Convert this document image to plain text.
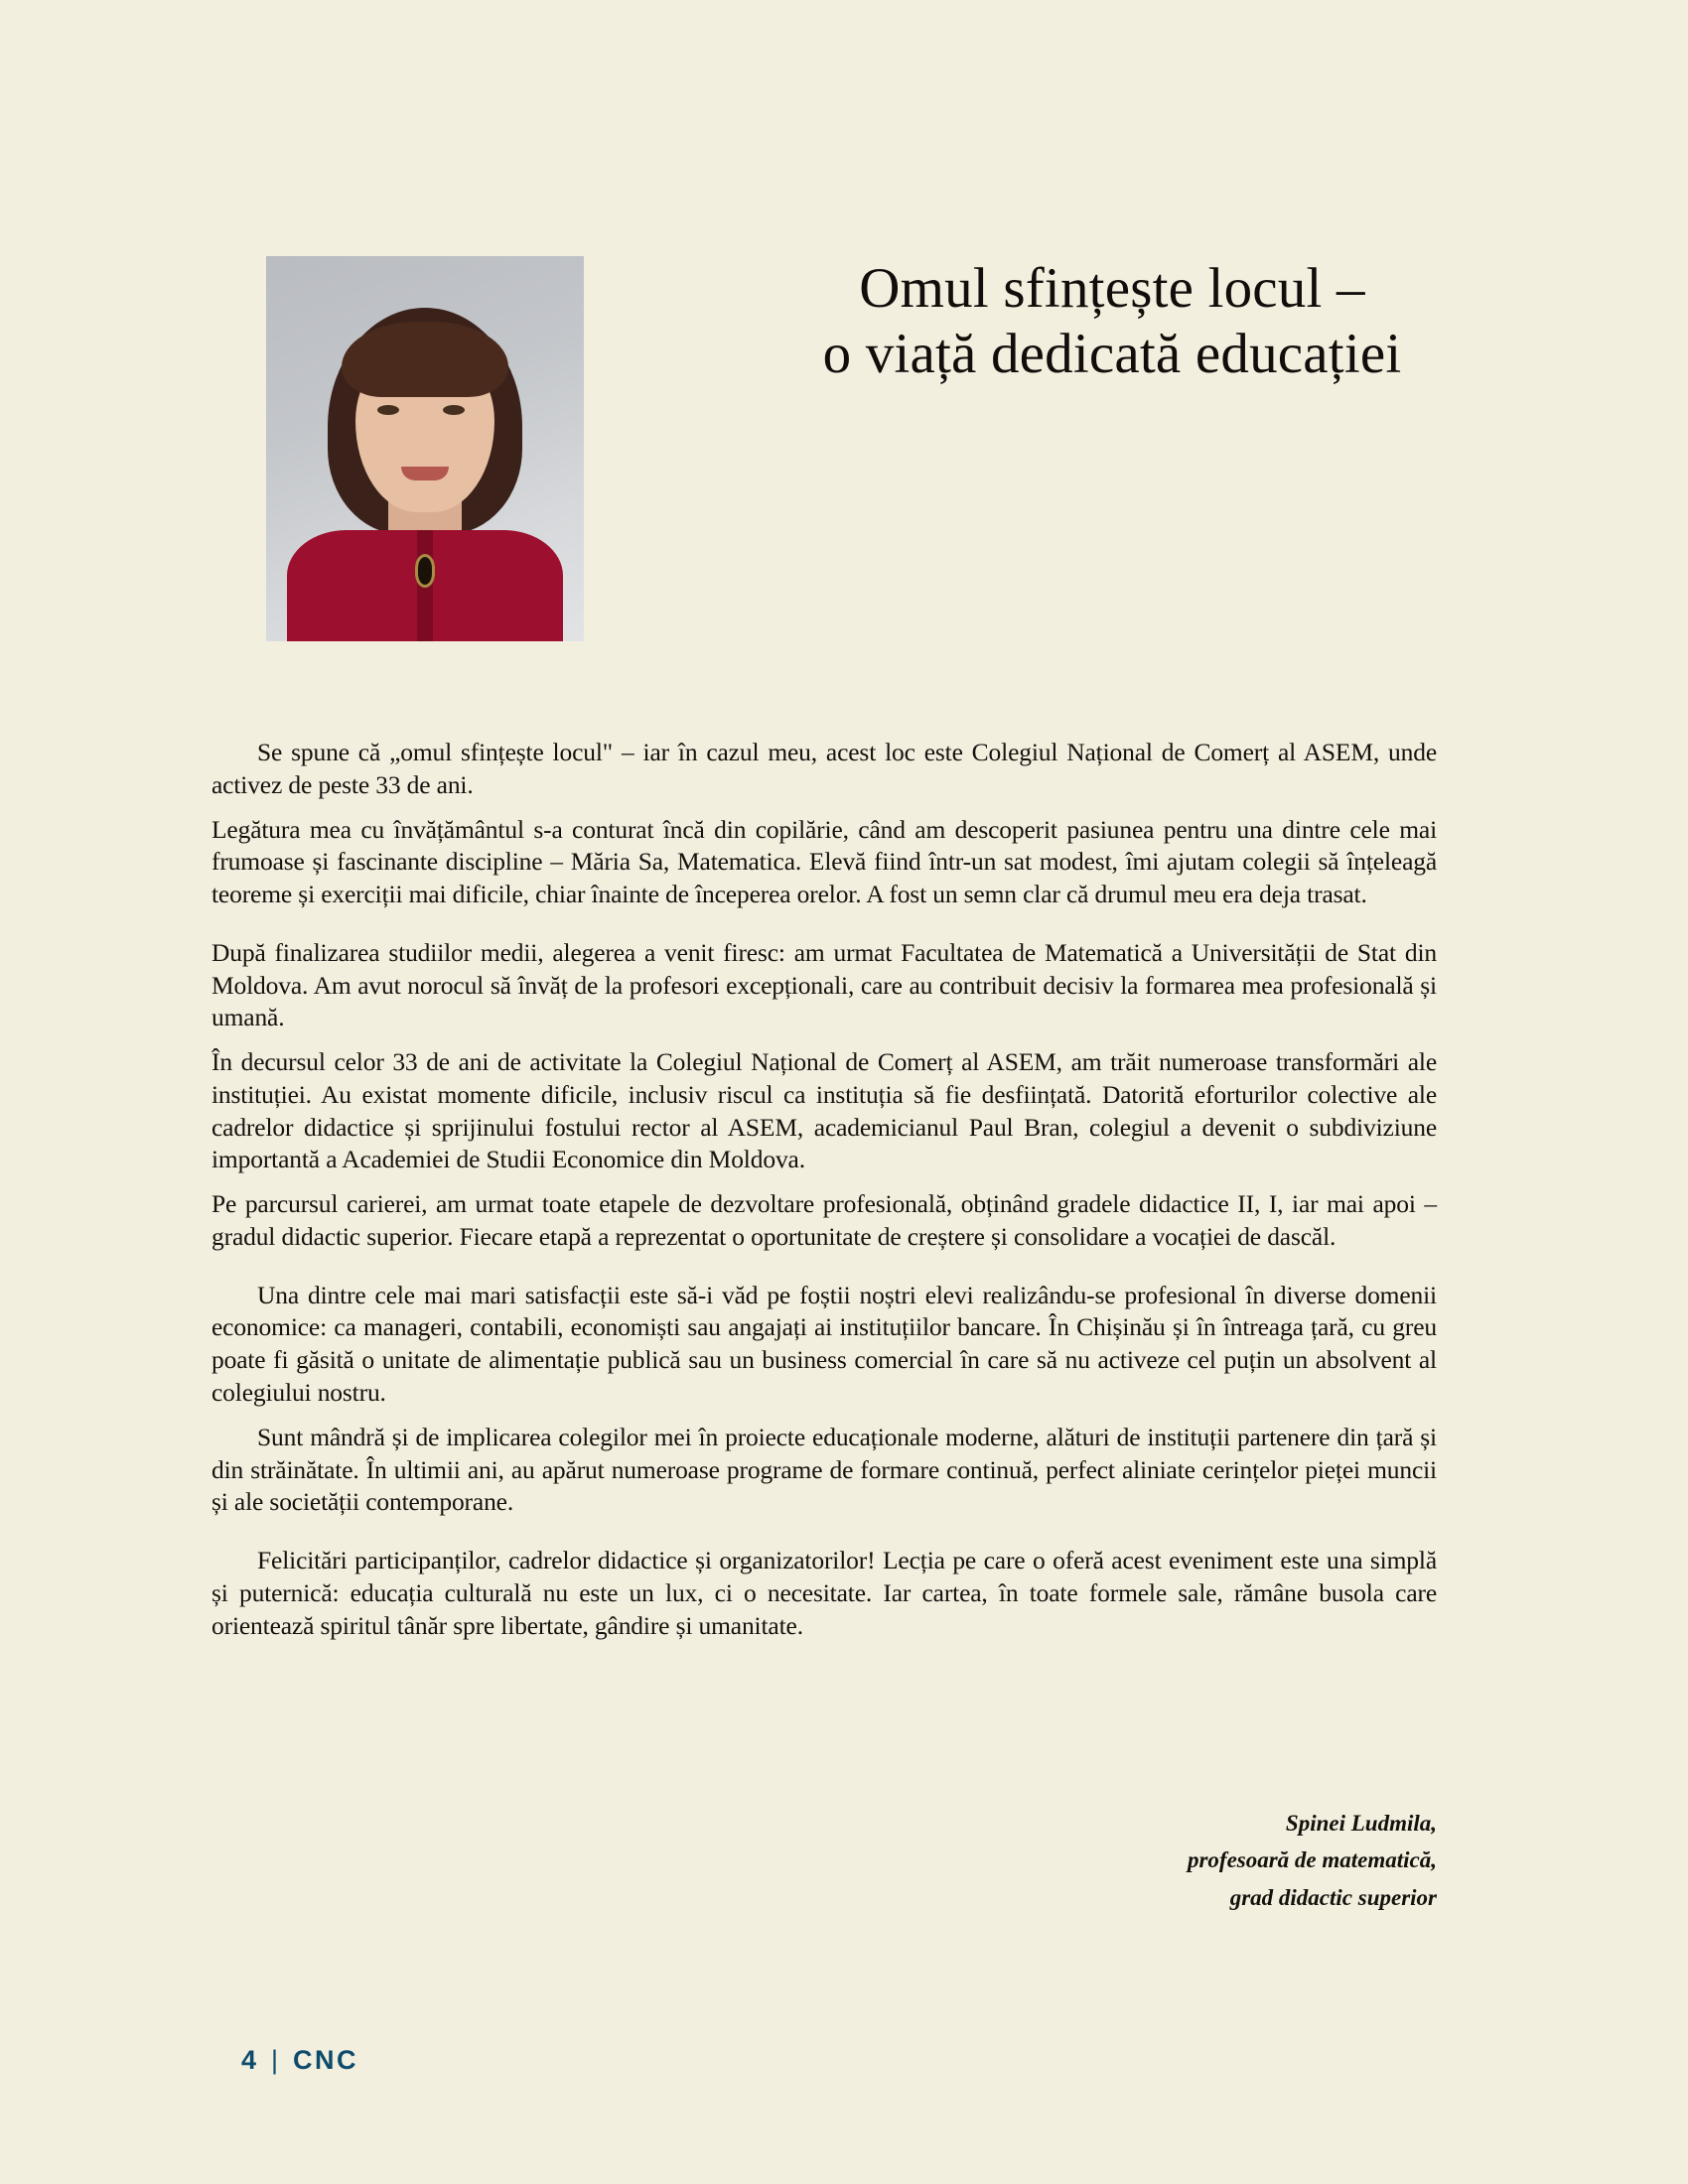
Omul sfințește locul –
o viață dedicată educației

Se spune că „omul sfințește locul" – iar în cazul meu, acest loc este Colegiul Național de Comerț al ASEM, unde activez de peste 33 de ani.

Legătura mea cu învățământul s-a conturat încă din copilărie, când am descoperit pasiunea pentru una dintre cele mai frumoase și fascinante discipline – Măria Sa, Matematica. Elevă fiind într-un sat modest, îmi ajutam colegii să înțeleagă teoreme și exerciții mai dificile, chiar înainte de începerea orelor. A fost un semn clar că drumul meu era deja trasat.

După finalizarea studiilor medii, alegerea a venit firesc: am urmat Facultatea de Matematică a Universității de Stat din Moldova. Am avut norocul să învăț de la profesori excepționali, care au contribuit decisiv la formarea mea profesională și umană.

În decursul celor 33 de ani de activitate la Colegiul Național de Comerț al ASEM, am trăit numeroase transformări ale instituției. Au existat momente dificile, inclusiv riscul ca instituția să fie desființată. Datorită eforturilor colective ale cadrelor didactice și sprijinului fostului rector al ASEM, academicianul Paul Bran, colegiul a devenit o subdiviziune importantă a Academiei de Studii Economice din Moldova.

Pe parcursul carierei, am urmat toate etapele de dezvoltare profesională, obținând gradele didactice II, I, iar mai apoi – gradul didactic superior. Fiecare etapă a reprezentat o oportunitate de creștere și consolidare a vocației de dascăl.

Una dintre cele mai mari satisfacții este să-i văd pe foștii noștri elevi realizându-se profesional în diverse domenii economice: ca manageri, contabili, economiști sau angajați ai instituțiilor bancare. În Chișinău și în întreaga țară, cu greu poate fi găsită o unitate de alimentație publică sau un business comercial în care să nu activeze cel puțin un absolvent al colegiului nostru.

Sunt mândră și de implicarea colegilor mei în proiecte educaționale moderne, alături de instituții partenere din țară și din străinătate. În ultimii ani, au apărut numeroase programe de formare continuă, perfect aliniate cerințelor pieței muncii și ale societății contemporane.

Felicitări participanților, cadrelor didactice și organizatorilor! Lecția pe care o oferă acest eveniment este una simplă și puternică: educația culturală nu este un lux, ci o necesitate. Iar cartea, în toate formele sale, rămâne busola care orientează spiritul tânăr spre libertate, gândire și umanitate.

Spinei Ludmila,
profesoară de matematică,
grad didactic superior
4 | CNC
